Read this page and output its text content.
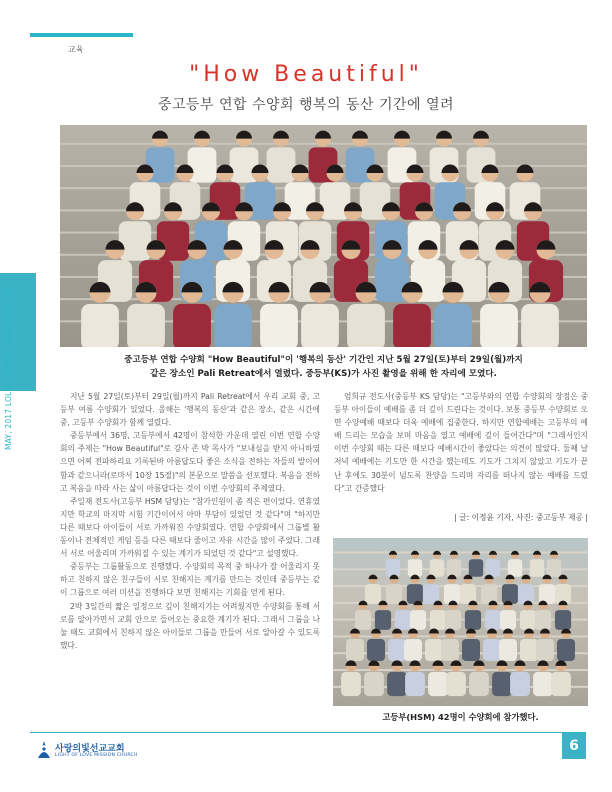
교육
MAY, 2017 LOLMC TIMES | www.lolmc.org
"How Beautiful"
중고등부 연합 수양회 행복의 동산 기간에 열려
중고등부 연합 수양회 "How Beautiful"이 '행복의 동산' 기간인 지난 5월 27일(토)부터 29일(월)까지
같은 장소인 Pali Retreat에서 열렸다. 중등부(KS)가 사진 촬영을 위해 한 자리에 모였다.

지난 5월 27일(토)부터 29일(월)까지 Pali Retreat에서 우리 교회 중, 고등부 여름 수양회가 있었다. 올해는 '행복의 동산'과 같은 장소, 같은 시간에 중, 고등부 수양회가 함께 열렸다.

중등부에서 36명, 고등부에서 42명이 참석한 가운데 열린 이번 연합 수양회의 주제는 "How Beautiful"로 강사 존 박 목사가 "보내심을 받지 아니하였으면 어찌 전파하리요 기록된바 아름답도다 좋은 소식을 전하는 자들의 발이여 함과 같으니라(로마서 10장 15절)"의 본문으로 말씀을 선포했다. 복음을 전하고 복음을 따라 사는 삶이 아름답다는 것이 이번 수양회의 주제였다.

주일재 전도사(고등부 HSM 담당)는 "참가인원이 좀 적은 편이었다. 연휴였지만 학교의 마지막 시험 기간이어서 아마 부담이 있었던 것 같다"며 "하지만 다른 때보다 아이들이 서로 가까워진 수양회였다. 연합 수양회에서 그룹별 활동이나 전체적인 게임 등을 다른 때보다 줄이고 자유 시간을 많이 주었다. 그래서 서로 어울리며 가까워질 수 있는 계기가 되었던 것 같다"고 설명했다.

중등부는 그룹활동으로 진행했다. 수양회의 목적 중 하나가 잘 어울리지 못하고 친하지 않은 친구들이 서로 친해지는 계기를 만드는 것인데 중등부는 같이 그룹으로 여러 미션을 진행하다 보면 친해지는 기회를 얻게 된다.

2박 3일간의 짧은 일정으로 깊이 친해지기는 어려웠지만 수양회를 통해 서로를 알아가면서 교회 안으로 들어오는 중요한 계기가 된다. 그래서 그룹을 나눌 때도 교회에서 친하지 않은 아이들로 그룹을 만들어 서로 알아갈 수 있도록 했다.

엄희규 전도사(중등부 KS 담당)는 "고등부와의 연합 수양회의 장점은 중등부 아이들이 예배를 좀 더 깊이 드린다는 것이다. 보통 중등부 수양회로 오면 수양예배 때보다 더욱 예배에 집중한다. 하지만 연합예배는 고등부의 예배 드리는 모습을 보며 마음을 열고 예배에 깊이 들어간다"며 "그래서인지 이번 수양회 때는 다른 때보다 예배시간이 좋았다는 의견이 많았다. 둘째 날 저녁 예배에는 기도만 한 시간을 했는데도 기도가 그치지 않았고 기도가 끝난 후에도 30분이 넘도록 찬양을 드리며 자리를 떠나지 않는 예배를 드렸다"고 간증했다

| 글: 이정윤 기자, 사진: 중고등부 제공 |
고등부(HSM) 42명이 수양회에 참가했다.
사랑의빛선교교회
LIGHT OF LOVE MISSION CHURCH
6
